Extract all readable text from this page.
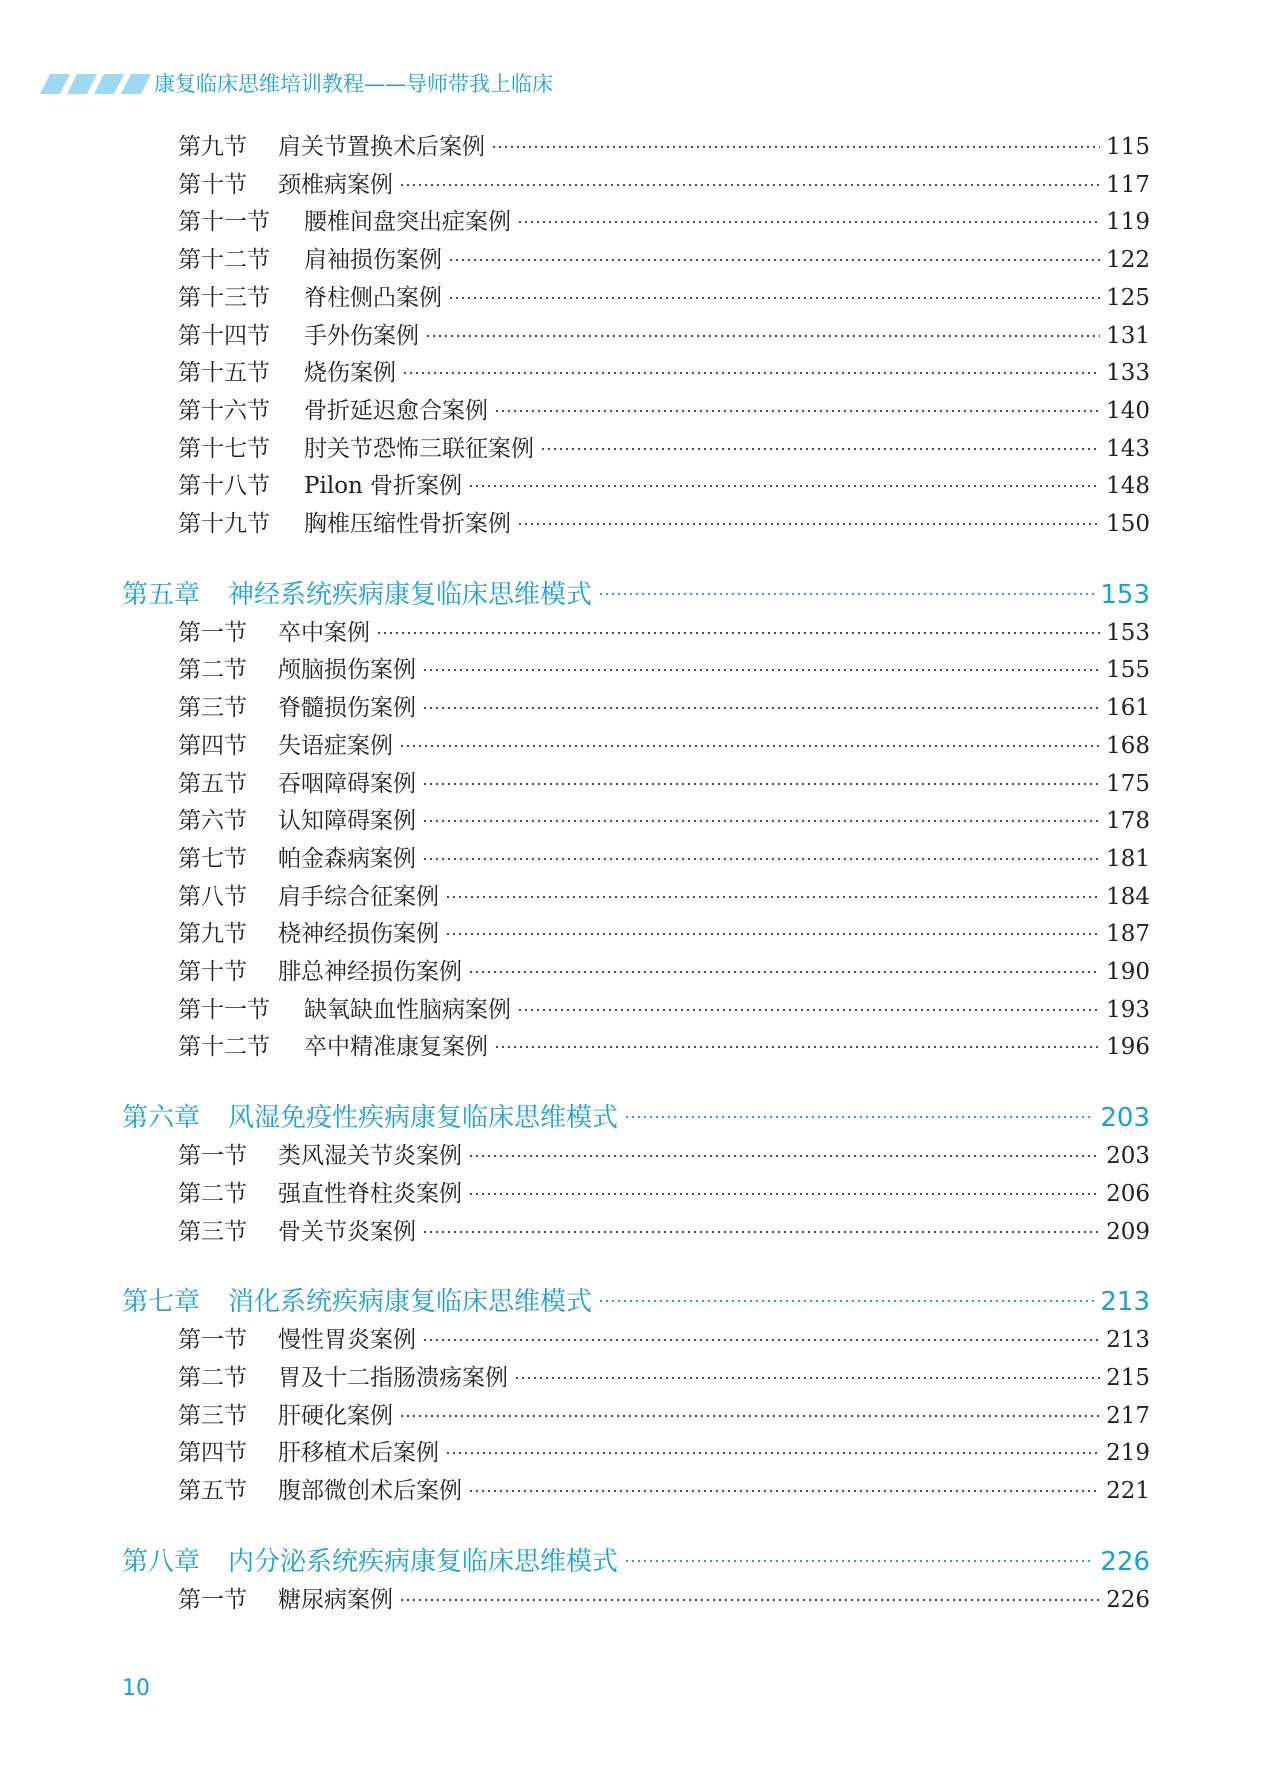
康复临床思维培训教程——导师带我上临床
第九节	肩关节置换术后案例	115
第十节	颈椎病案例	117
第十一节	腰椎间盘突出症案例	119
第十二节	肩袖损伤案例	122
第十三节	脊柱侧凸案例	125
第十四节	手外伤案例	131
第十五节	烧伤案例	133
第十六节	骨折延迟愈合案例	140
第十七节	肘关节恐怖三联征案例	143
第十八节	Pilon 骨折案例	148
第十九节	胸椎压缩性骨折案例	150
第五章	神经系统疾病康复临床思维模式	153
第一节	卒中案例	153
第二节	颅脑损伤案例	155
第三节	脊髓损伤案例	161
第四节	失语症案例	168
第五节	吞咽障碍案例	175
第六节	认知障碍案例	178
第七节	帕金森病案例	181
第八节	肩手综合征案例	184
第九节	桡神经损伤案例	187
第十节	腓总神经损伤案例	190
第十一节	缺氧缺血性脑病案例	193
第十二节	卒中精准康复案例	196
第六章	风湿免疫性疾病康复临床思维模式	203
第一节	类风湿关节炎案例	203
第二节	强直性脊柱炎案例	206
第三节	骨关节炎案例	209
第七章	消化系统疾病康复临床思维模式	213
第一节	慢性胃炎案例	213
第二节	胃及十二指肠溃疡案例	215
第三节	肝硬化案例	217
第四节	肝移植术后案例	219
第五节	腹部微创术后案例	221
第八章	内分泌系统疾病康复临床思维模式	226
第一节	糖尿病案例	226
10
